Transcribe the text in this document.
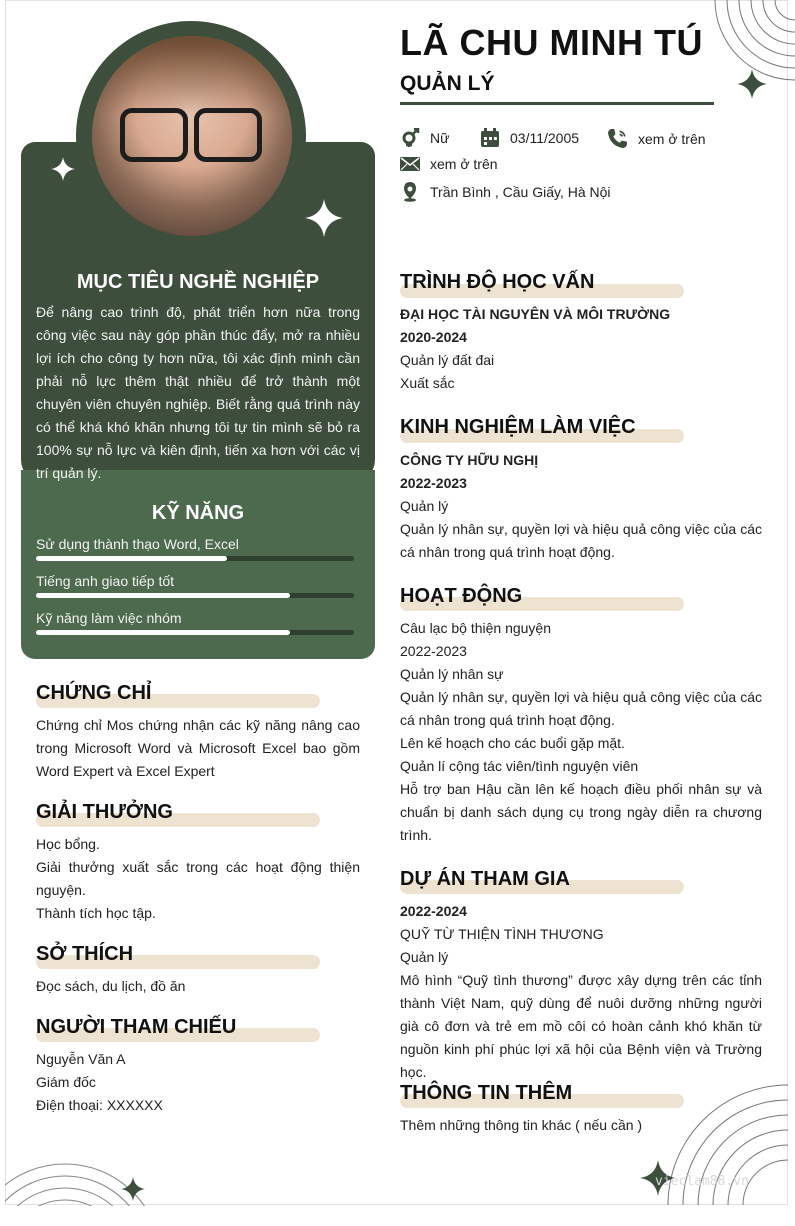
vieclam88.vn
MỤC TIÊU NGHỀ NGHIỆP
Để nâng cao trình độ, phát triển hơn nữa trong công việc sau này góp phần thúc đẩy, mở ra nhiều lợi ích cho công ty hơn nữa, tôi xác định mình cần phải nỗ lực thêm thật nhiều để trở thành một chuyên viên chuyên nghiệp. Biết rằng quá trình này có thể khá khó khăn nhưng tôi tự tin mình sẽ bỏ ra 100% sự nỗ lực và kiên định, tiến xa hơn với các vị trí quản lý.
KỸ NĂNG
Sử dụng thành thạo Word, Excel
Tiếng anh giao tiếp tốt
Kỹ năng làm việc nhóm
CHỨNG CHỈ
Chứng chỉ Mos chứng nhận các kỹ năng nâng cao trong Microsoft Word và Microsoft Excel bao gồm Word Expert và Excel Expert
GIẢI THƯỞNG
Học bổng.
Giải thưởng xuất sắc trong các hoạt động thiện nguyện.
Thành tích học tập.
SỞ THÍCH
Đọc sách, du lịch, đồ ăn
NGƯỜI THAM CHIẾU
Nguyễn Văn A
Giám đốc
Điện thoại: XXXXXX
LÃ CHU MINH TÚ
QUẢN LÝ
Nữ	03/11/2005	xem ở trên
xem ở trên
Trần Bình , Cầu Giấy, Hà Nội
TRÌNH ĐỘ HỌC VẤN
ĐẠI HỌC TÀI NGUYÊN VÀ MÔI TRƯỜNG
2020-2024
Quản lý đất đai
Xuất sắc
KINH NGHIỆM LÀM VIỆC
CÔNG TY HỮU NGHỊ
2022-2023
Quản lý
Quản lý nhân sự, quyền lợi và hiệu quả công việc của các cá nhân trong quá trình hoạt động.
HOẠT ĐỘNG
Câu lạc bộ thiện nguyện
2022-2023
Quản lý nhân sự
Quản lý nhân sự, quyền lợi và hiệu quả công việc của các cá nhân trong quá trình hoạt động.
Lên kế hoạch cho các buổi gặp mặt.
Quản lí cộng tác viên/tình nguyện viên
Hỗ trợ ban Hậu cần lên kế hoạch điều phối nhân sự và chuẩn bị danh sách dụng cụ trong ngày diễn ra chương trình.
DỰ ÁN THAM GIA
2022-2024
QUỸ TỪ THIỆN TÌNH THƯƠNG
Quản lý
Mô hình “Quỹ tình thương” được xây dựng trên các tỉnh thành Việt Nam, quỹ dùng để nuôi dưỡng những người già cô đơn và trẻ em mồ côi có hoàn cảnh khó khăn từ nguồn kinh phí phúc lợi xã hội của Bệnh viện và Trường học.
THÔNG TIN THÊM
Thêm những thông tin khác ( nếu cần )
